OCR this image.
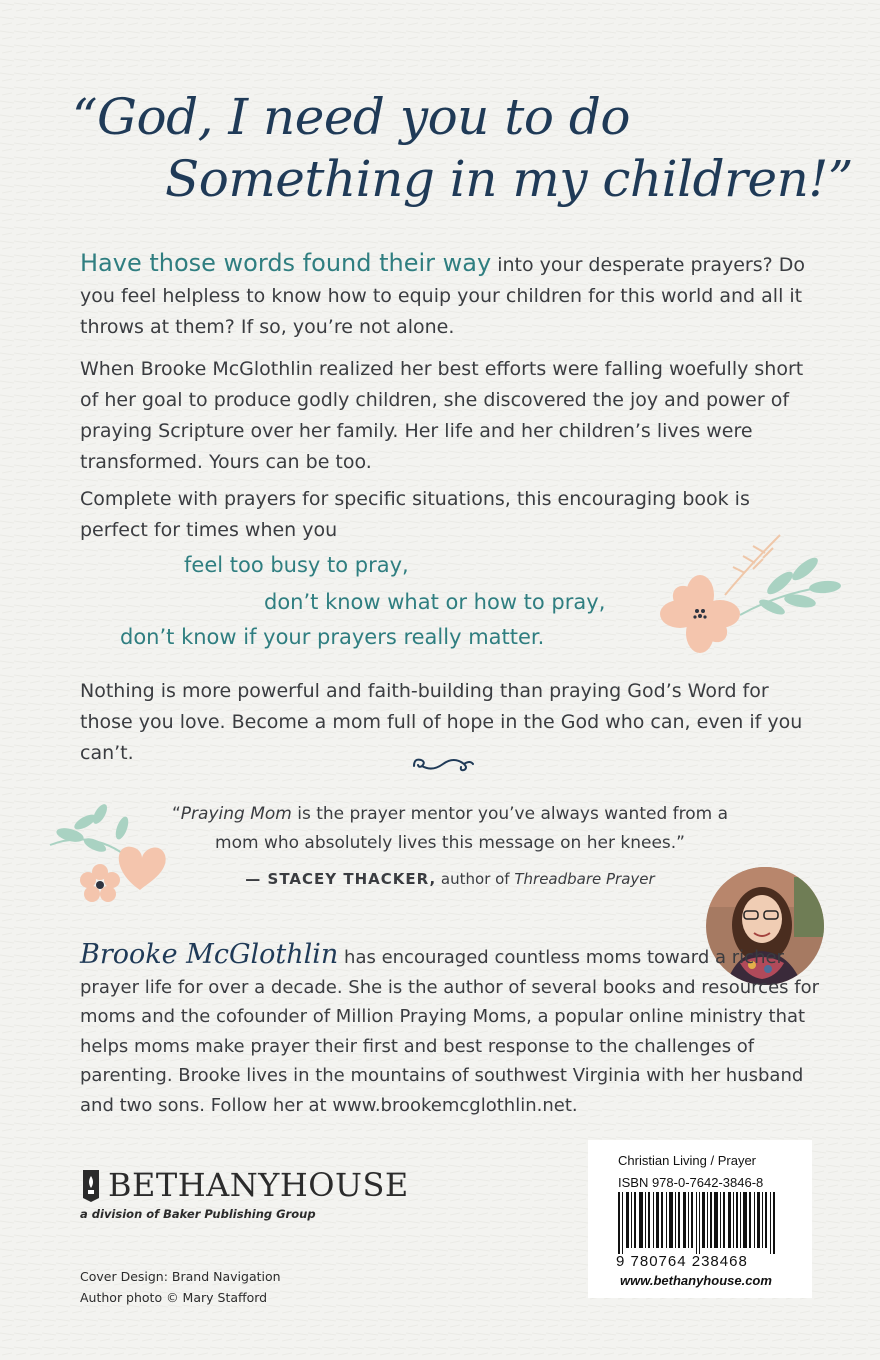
“God, I need you to do
Something in my children!”
Have those words found their way into your desperate prayers? Do you feel helpless to know how to equip your children for this world and all it throws at them? If so, you’re not alone.
When Brooke McGlothlin realized her best efforts were falling woefully short of her goal to produce godly children, she discovered the joy and power of praying Scripture over her family. Her life and her children’s lives were transformed. Yours can be too.
Complete with prayers for specific situations, this encouraging book is perfect for times when you
feel too busy to pray,
don’t know what or how to pray,
don’t know if your prayers really matter.
Nothing is more powerful and faith-building than praying God’s Word for those you love. Become a mom full of hope in the God who can, even if you can’t.
“Praying Mom is the prayer mentor you’ve always wanted from a mom who absolutely lives this message on her knees.”
— STACEY THACKER, author of Threadbare Prayer
Brooke McGlothlin has encouraged countless moms toward a richer prayer life for over a decade. She is the author of several books and resources for moms and the cofounder of Million Praying Moms, a popular online ministry that helps moms make prayer their first and best response to the challenges of parenting. Brooke lives in the mountains of southwest Virginia with her husband and two sons. Follow her at www.brookemcglothlin.net.
BETHANYHOUSE
a division of Baker Publishing Group
Cover Design: Brand Navigation
Author photo © Mary Stafford
Christian Living / Prayer
ISBN 978-0-7642-3846-8
9 780764 238468
www.bethanyhouse.com
